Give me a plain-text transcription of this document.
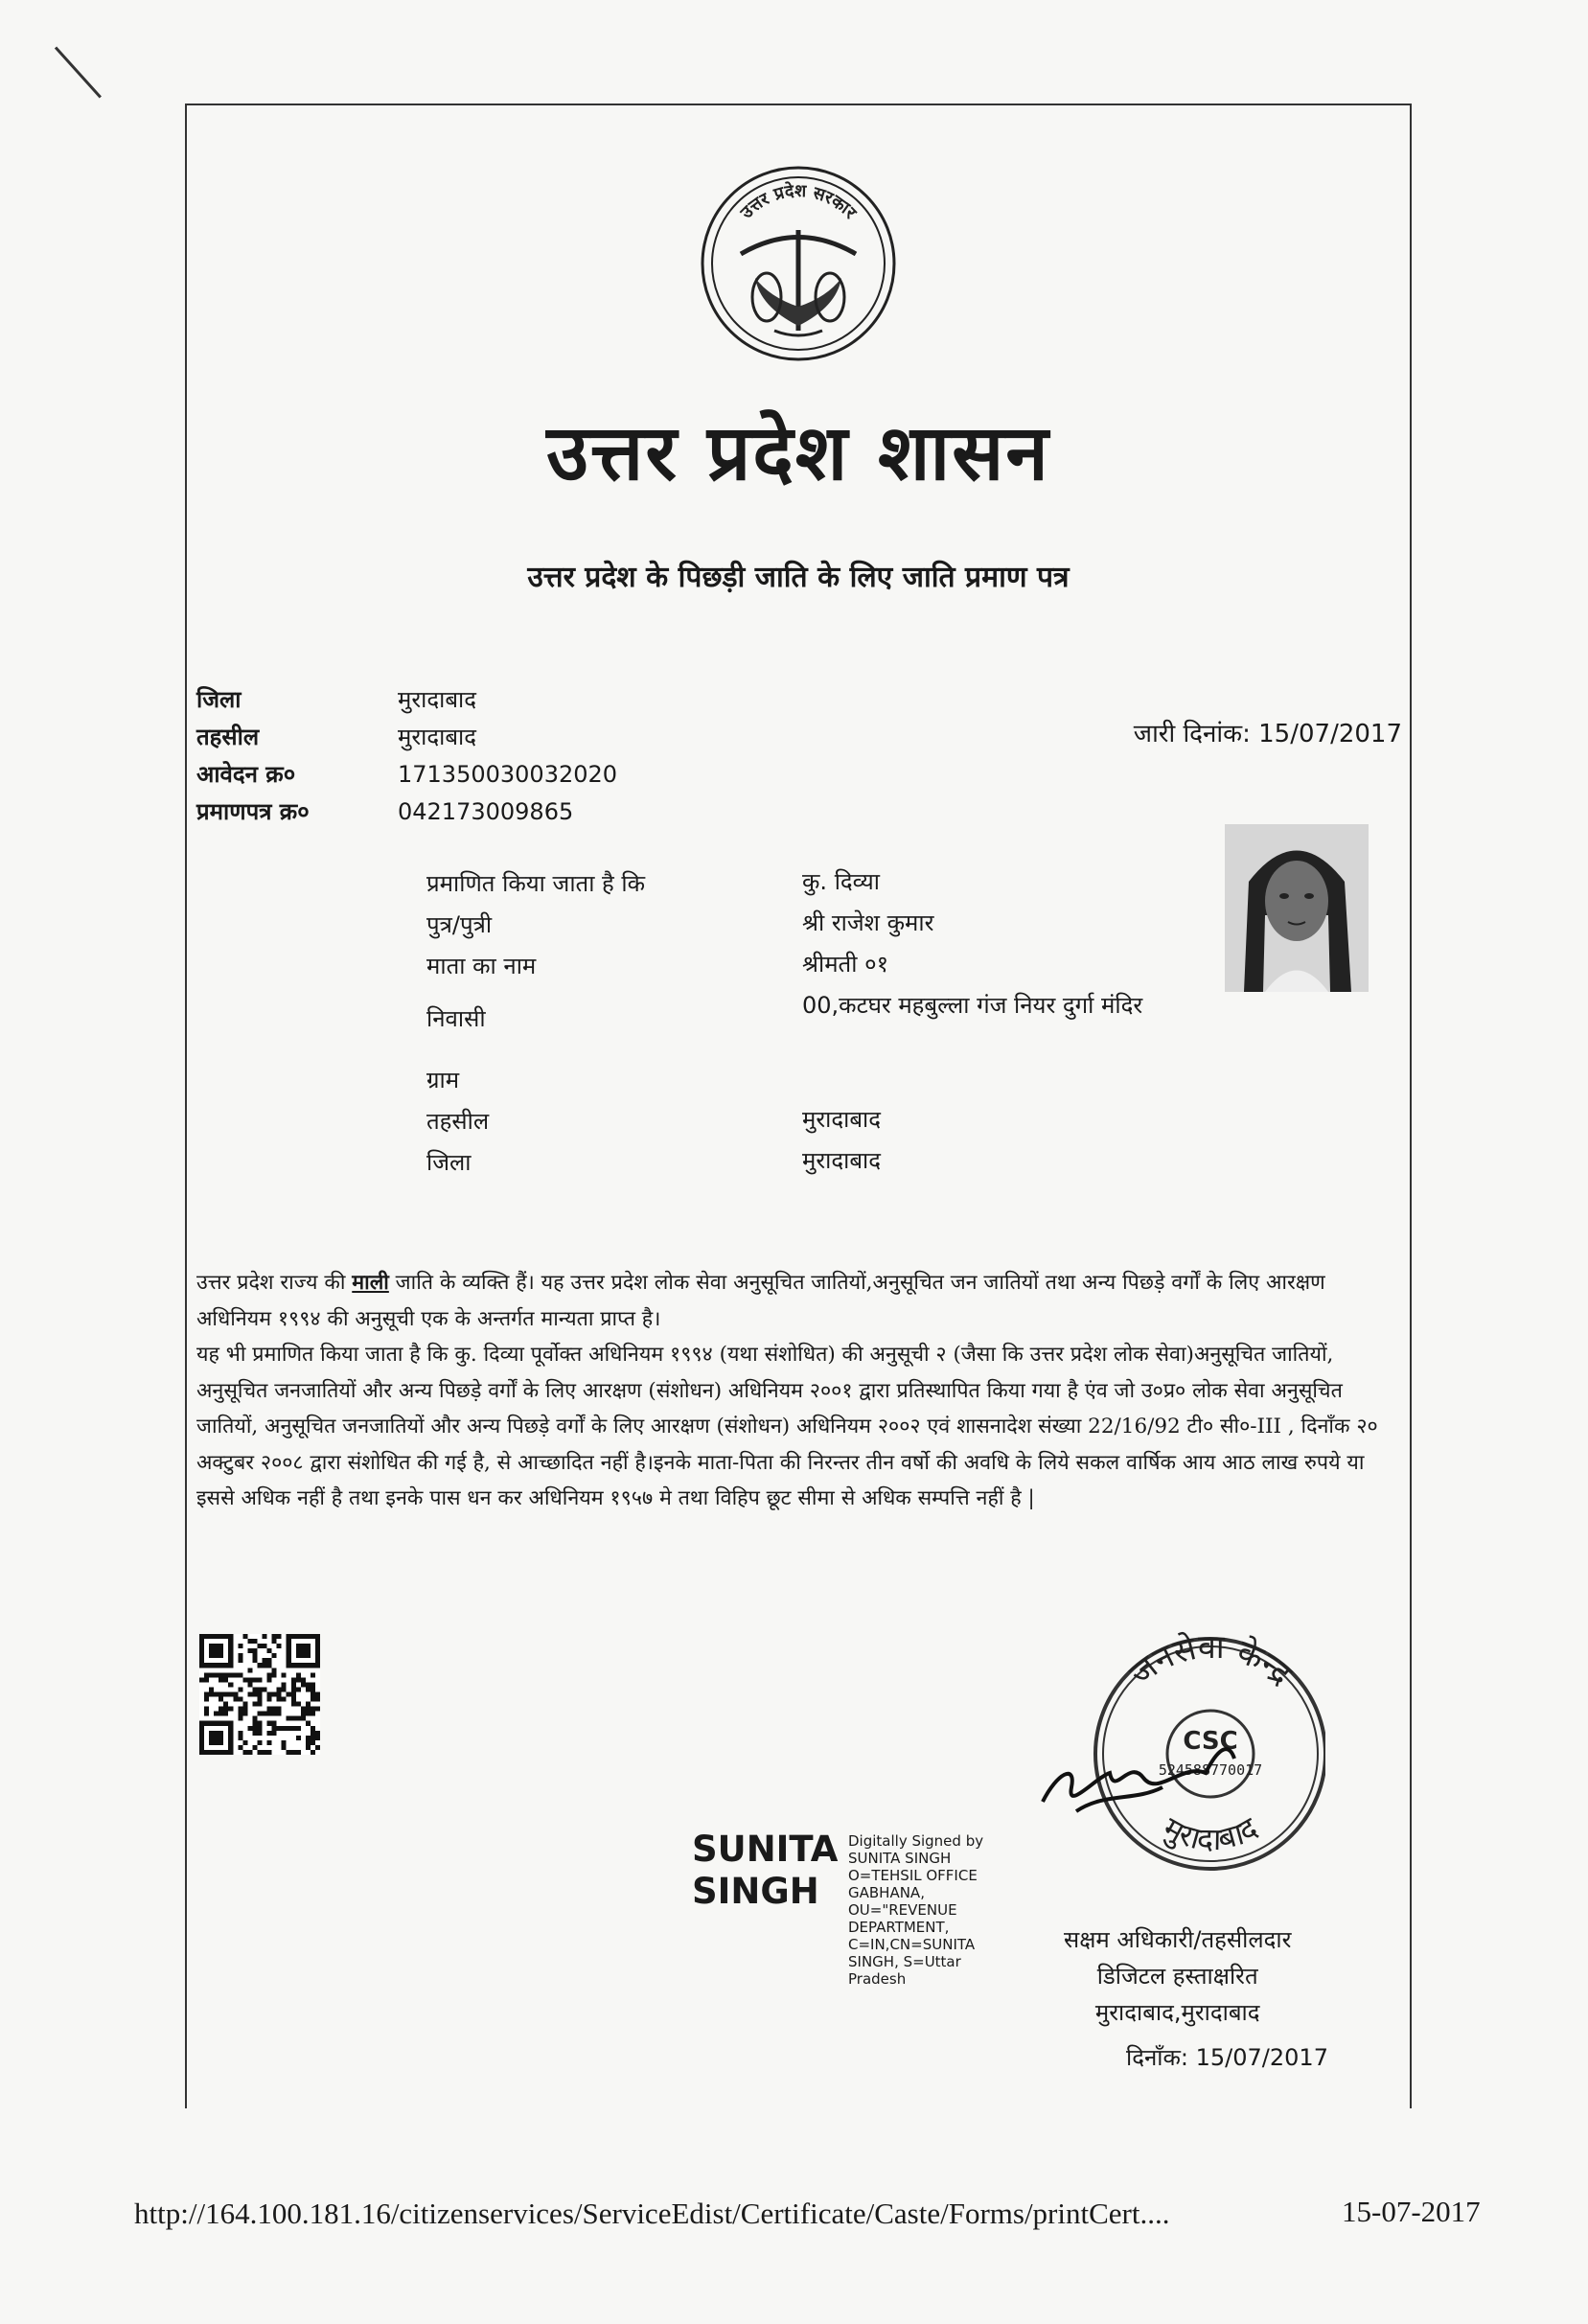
उत्तर प्रदेश सरकार
उत्तर प्रदेश शासन
उत्तर प्रदेश के पिछड़ी जाति के लिए जाति प्रमाण पत्र
जिला	मुरादाबाद
तहसील	मुरादाबाद
आवेदन क्र०	171350030032020
प्रमाणपत्र क्र०	042173009865
जारी दिनांक: 15/07/2017
प्रमाणित किया जाता है कि	कु. दिव्या
पुत्र/पुत्री	श्री राजेश कुमार
माता का नाम	श्रीमती ०१
निवासी	00,कटघर महबुल्ला गंज नियर दुर्गा मंदिर
ग्राम
तहसील	मुरादाबाद
जिला	मुरादाबाद

उत्तर प्रदेश राज्य की माली जाति के व्यक्ति हैं। यह उत्तर प्रदेश लोक सेवा अनुसूचित जातियों,अनुसूचित जन जातियों तथा अन्य पिछड़े वर्गों के लिए आरक्षण अधिनियम १९९४ की अनुसूची एक के अन्तर्गत मान्यता प्राप्त है।

यह भी प्रमाणित किया जाता है कि कु. दिव्या पूर्वोक्त अधिनियम १९९४ (यथा संशोधित) की अनुसूची २ (जैसा कि उत्तर प्रदेश लोक सेवा)अनुसूचित जातियों, अनुसूचित जनजातियों और अन्य पिछड़े वर्गों के लिए आरक्षण (संशोधन) अधिनियम २००१ द्वारा प्रतिस्थापित किया गया है एंव जो उ०प्र० लोक सेवा अनुसूचित जातियों, अनुसूचित जनजातियों और अन्य पिछड़े वर्गों के लिए आरक्षण (संशोधन) अधिनियम २००२ एवं शासनादेश संख्या 22/16/92 टी० सी०-III , दिनाँक २० अक्टुबर २००८ द्वारा संशोधित की गई है, से आच्छादित नहीं है।इनके माता-पिता की निरन्तर तीन वर्षो की अवधि के लिये सकल वार्षिक आय आठ लाख रुपये या इससे अधिक नहीं है तथा इनके पास धन कर अधिनियम १९५७ मे तथा विहिप छूट सीमा से अधिक सम्पत्ति नहीं है |

जनसेवा केन्द्र
मुरादाबाद
CSC
524588770017
SUNITA
SINGH
Digitally Signed by
SUNITA SINGH
O=TEHSIL OFFICE
GABHANA,
OU="REVENUE
DEPARTMENT,
C=IN,CN=SUNITA
SINGH, S=Uttar
Pradesh
सक्षम अधिकारी/तहसीलदार
डिजिटल हस्ताक्षरित
मुरादाबाद,मुरादाबाद
दिनाँक: 15/07/2017
http://164.100.181.16/citizenservices/ServiceEdist/Certificate/Caste/Forms/printCert....	15-07-2017
